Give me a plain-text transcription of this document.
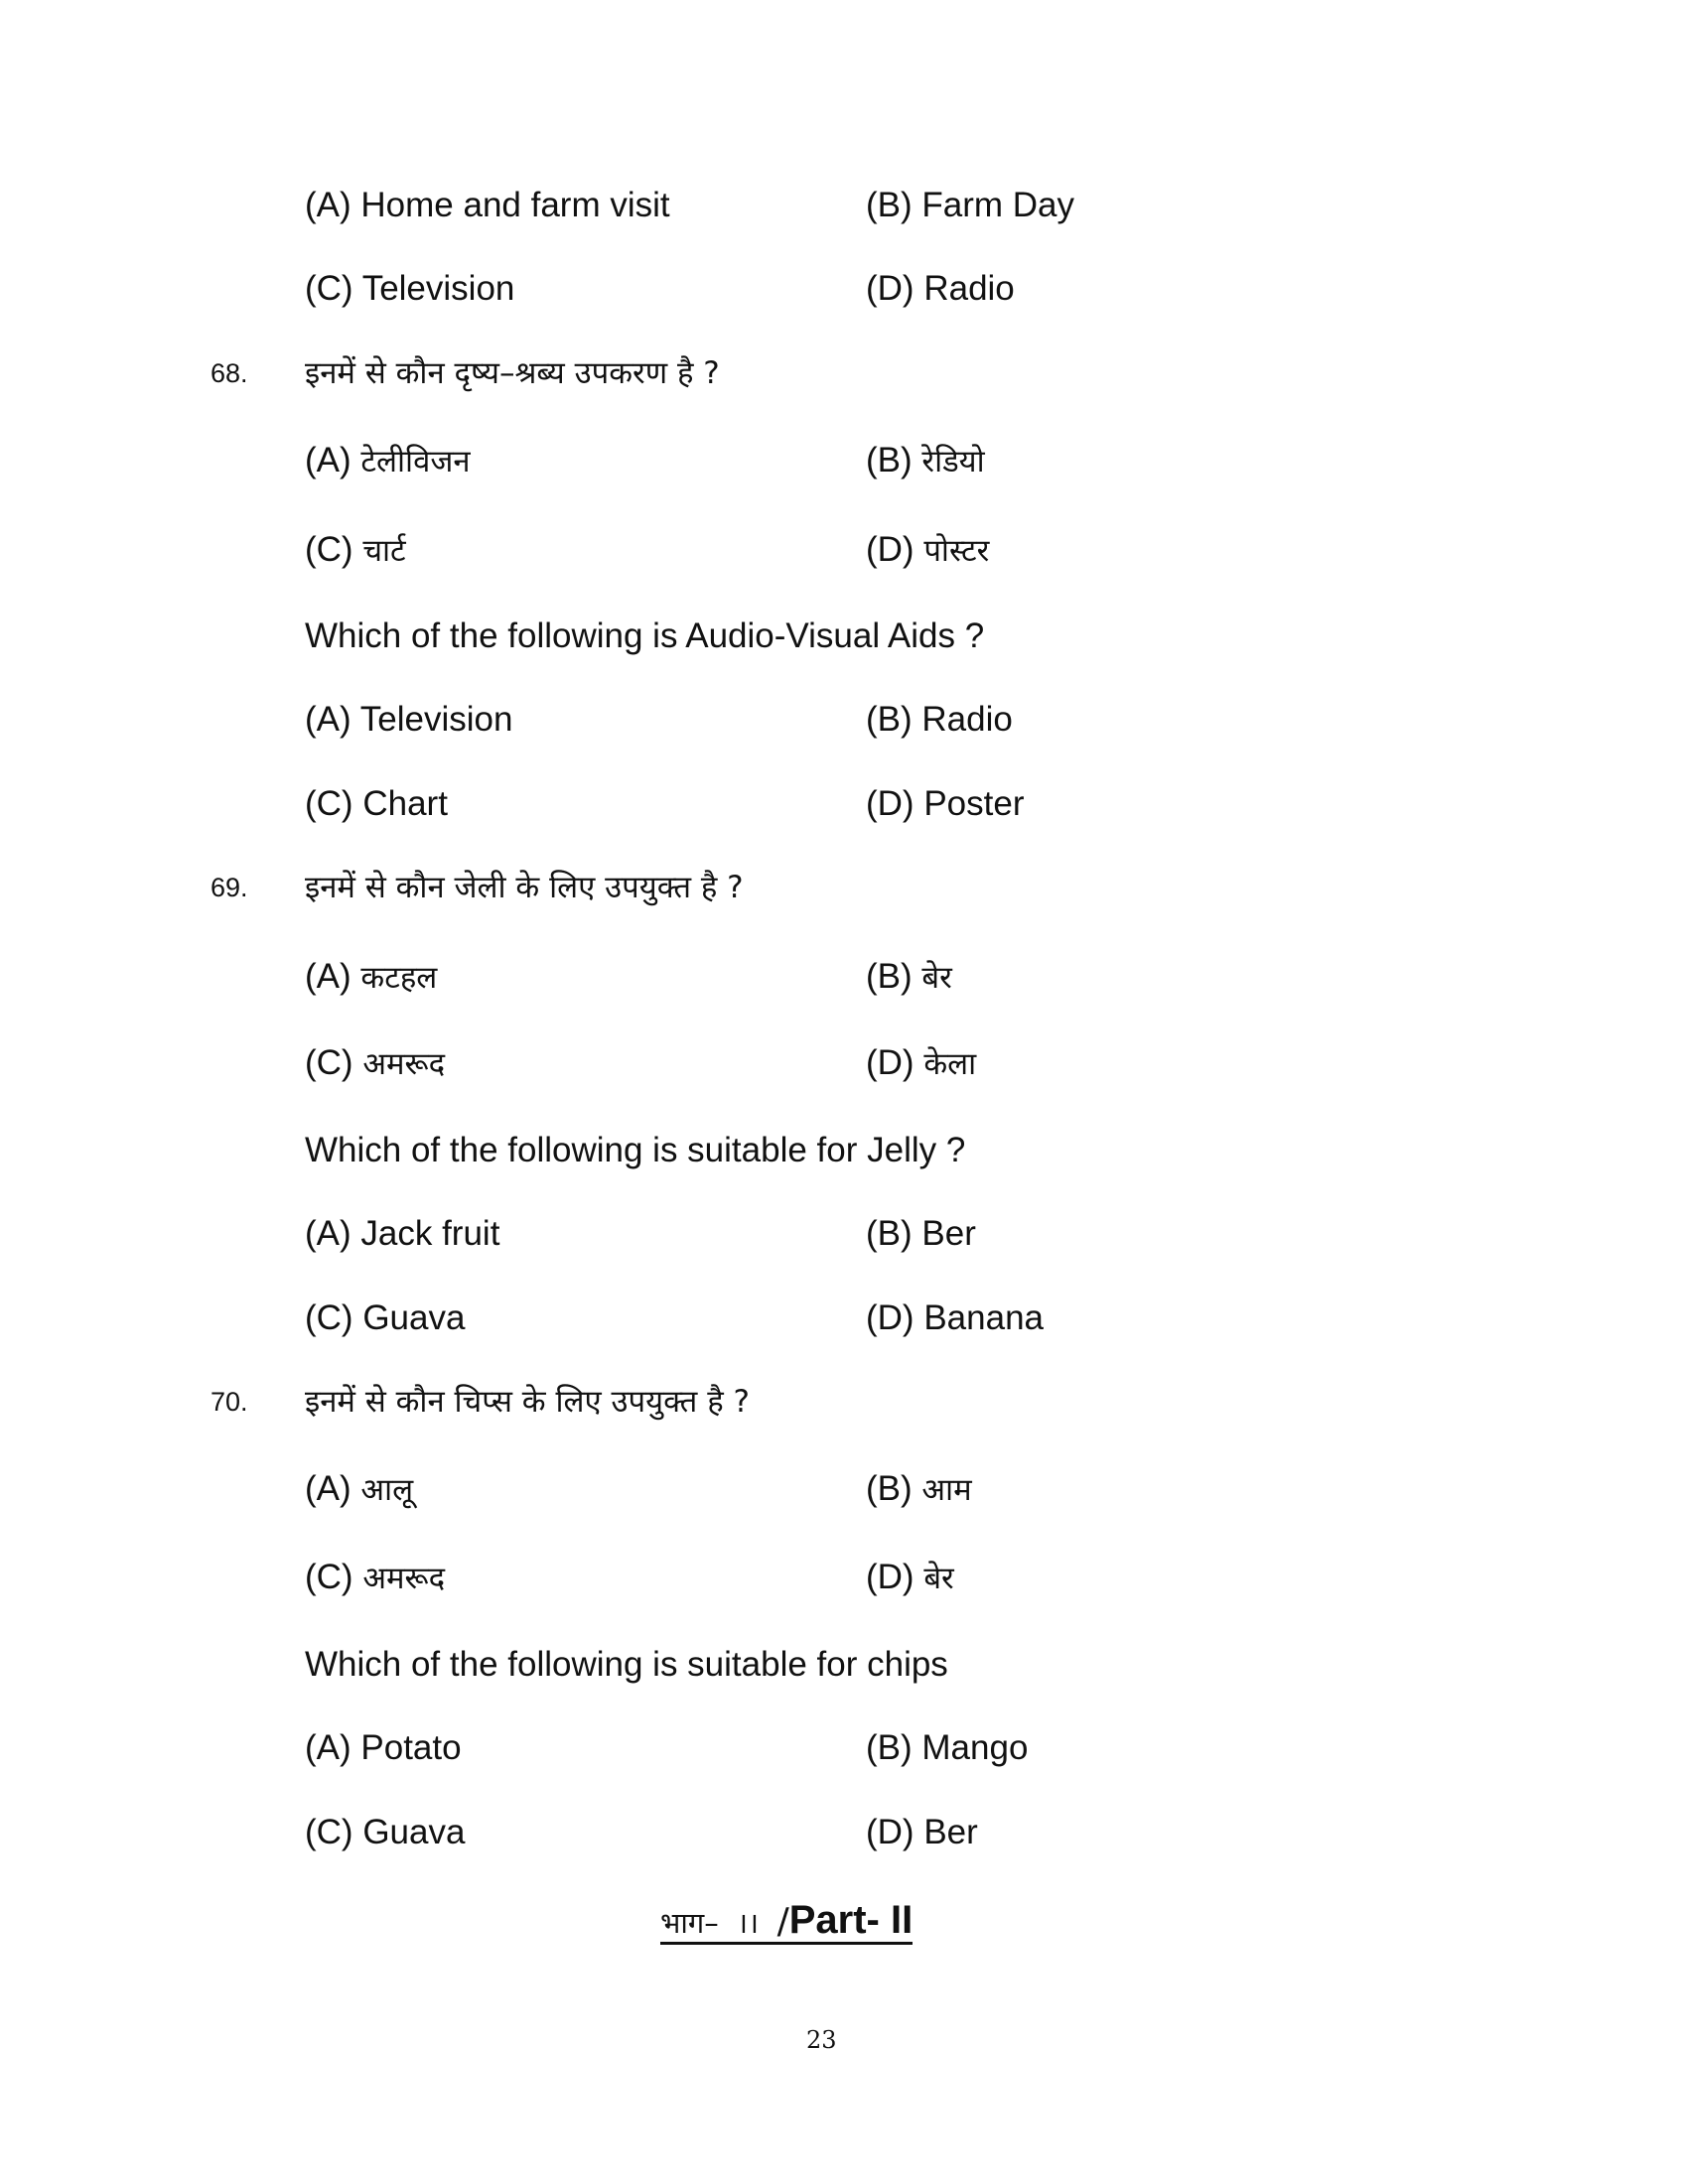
(A) Home and farm visit	(B) Farm Day
(C) Television	(D) Radio
68. इनमें से कौन दृष्य–श्रब्य उपकरण है ?
(A) टेलीविजन	(B) रेडियो
(C) चार्ट	(D) पोस्टर
Which of the following is Audio-Visual Aids ?
(A) Television	(B) Radio
(C) Chart	(D) Poster
69. इनमें से कौन जेली के लिए उपयुक्त है ?
(A) कटहल	(B) बेर
(C) अमरूद	(D) केला
Which of the following is suitable for Jelly ?
(A) Jack fruit	(B) Ber
(C) Guava	(D) Banana
70. इनमें से कौन चिप्स के लिए उपयुक्त है ?
(A) आलू	(B) आम
(C) अमरूद	(D) बेर
Which of the following is suitable for chips
(A) Potato	(B) Mango
(C) Guava	(D) Ber
भाग–  ।।  /Part- II
23
